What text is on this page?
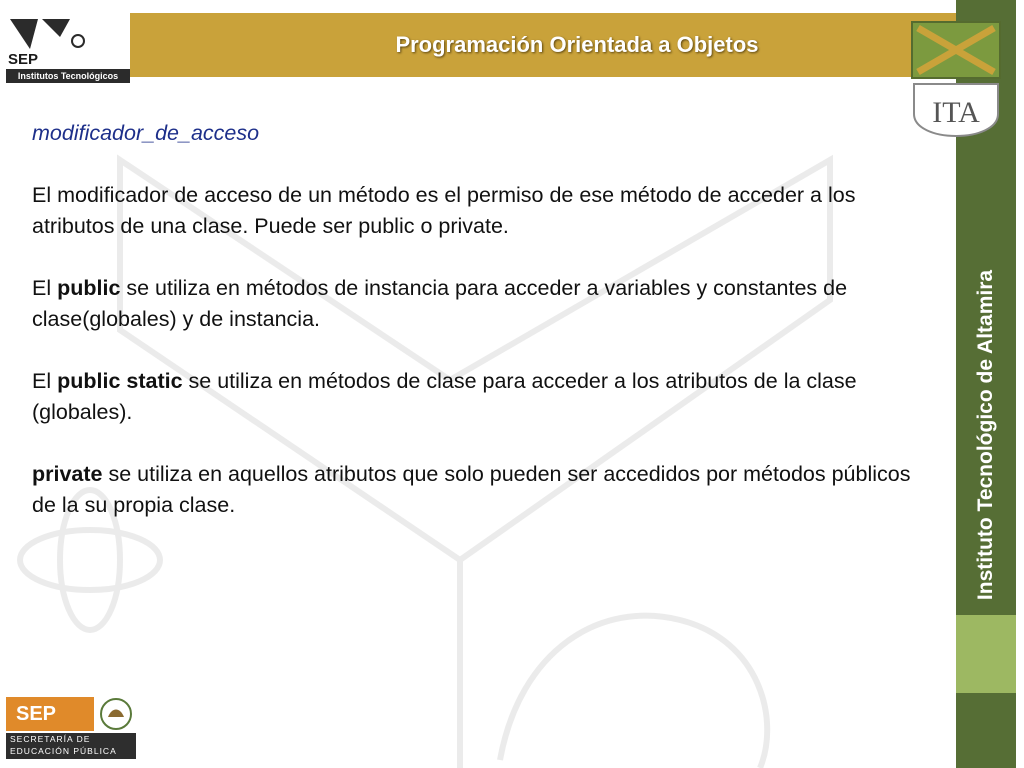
SEP
Institutos Tecnológicos
Programación Orientada a Objetos
Instituto Tecnológico de Altamira
ITA
modificador_de_acceso
El modificador de acceso de un método es el permiso de ese método de acceder a los atributos de una clase. Puede ser public o private.
El public se utiliza en métodos de instancia para acceder a variables y constantes de clase(globales) y de instancia.
El public static se utiliza en métodos de clase para acceder a los atributos de la clase (globales).
private se utiliza en aquellos atributos que solo pueden ser accedidos por métodos públicos de la su propia clase.
SEP
SECRETARÍA DE
EDUCACIÓN PÚBLICA
